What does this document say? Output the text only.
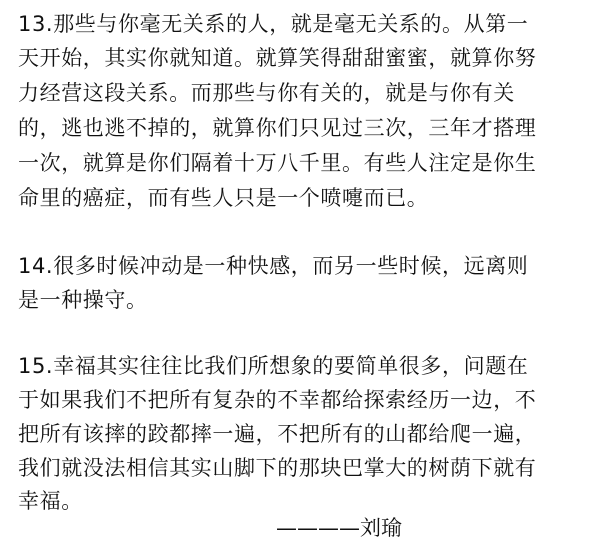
13.那些与你毫无关系的人，就是毫无关系的。从第一
天开始，其实你就知道。就算笑得甜甜蜜蜜，就算你努
力经营这段关系。而那些与你有关的，就是与你有关
的，逃也逃不掉的，就算你们只见过三次，三年才搭理
一次，就算是你们隔着十万八千里。有些人注定是你生
命里的癌症，而有些人只是一个喷嚏而已。
14.很多时候冲动是一种快感，而另一些时候，远离则
是一种操守。
15.幸福其实往往比我们所想象的要简单很多，问题在
于如果我们不把所有复杂的不幸都给探索经历一边，不
把所有该摔的跤都摔一遍，不把所有的山都给爬一遍，
我们就没法相信其实山脚下的那块巴掌大的树荫下就有
幸福。
————刘瑜
